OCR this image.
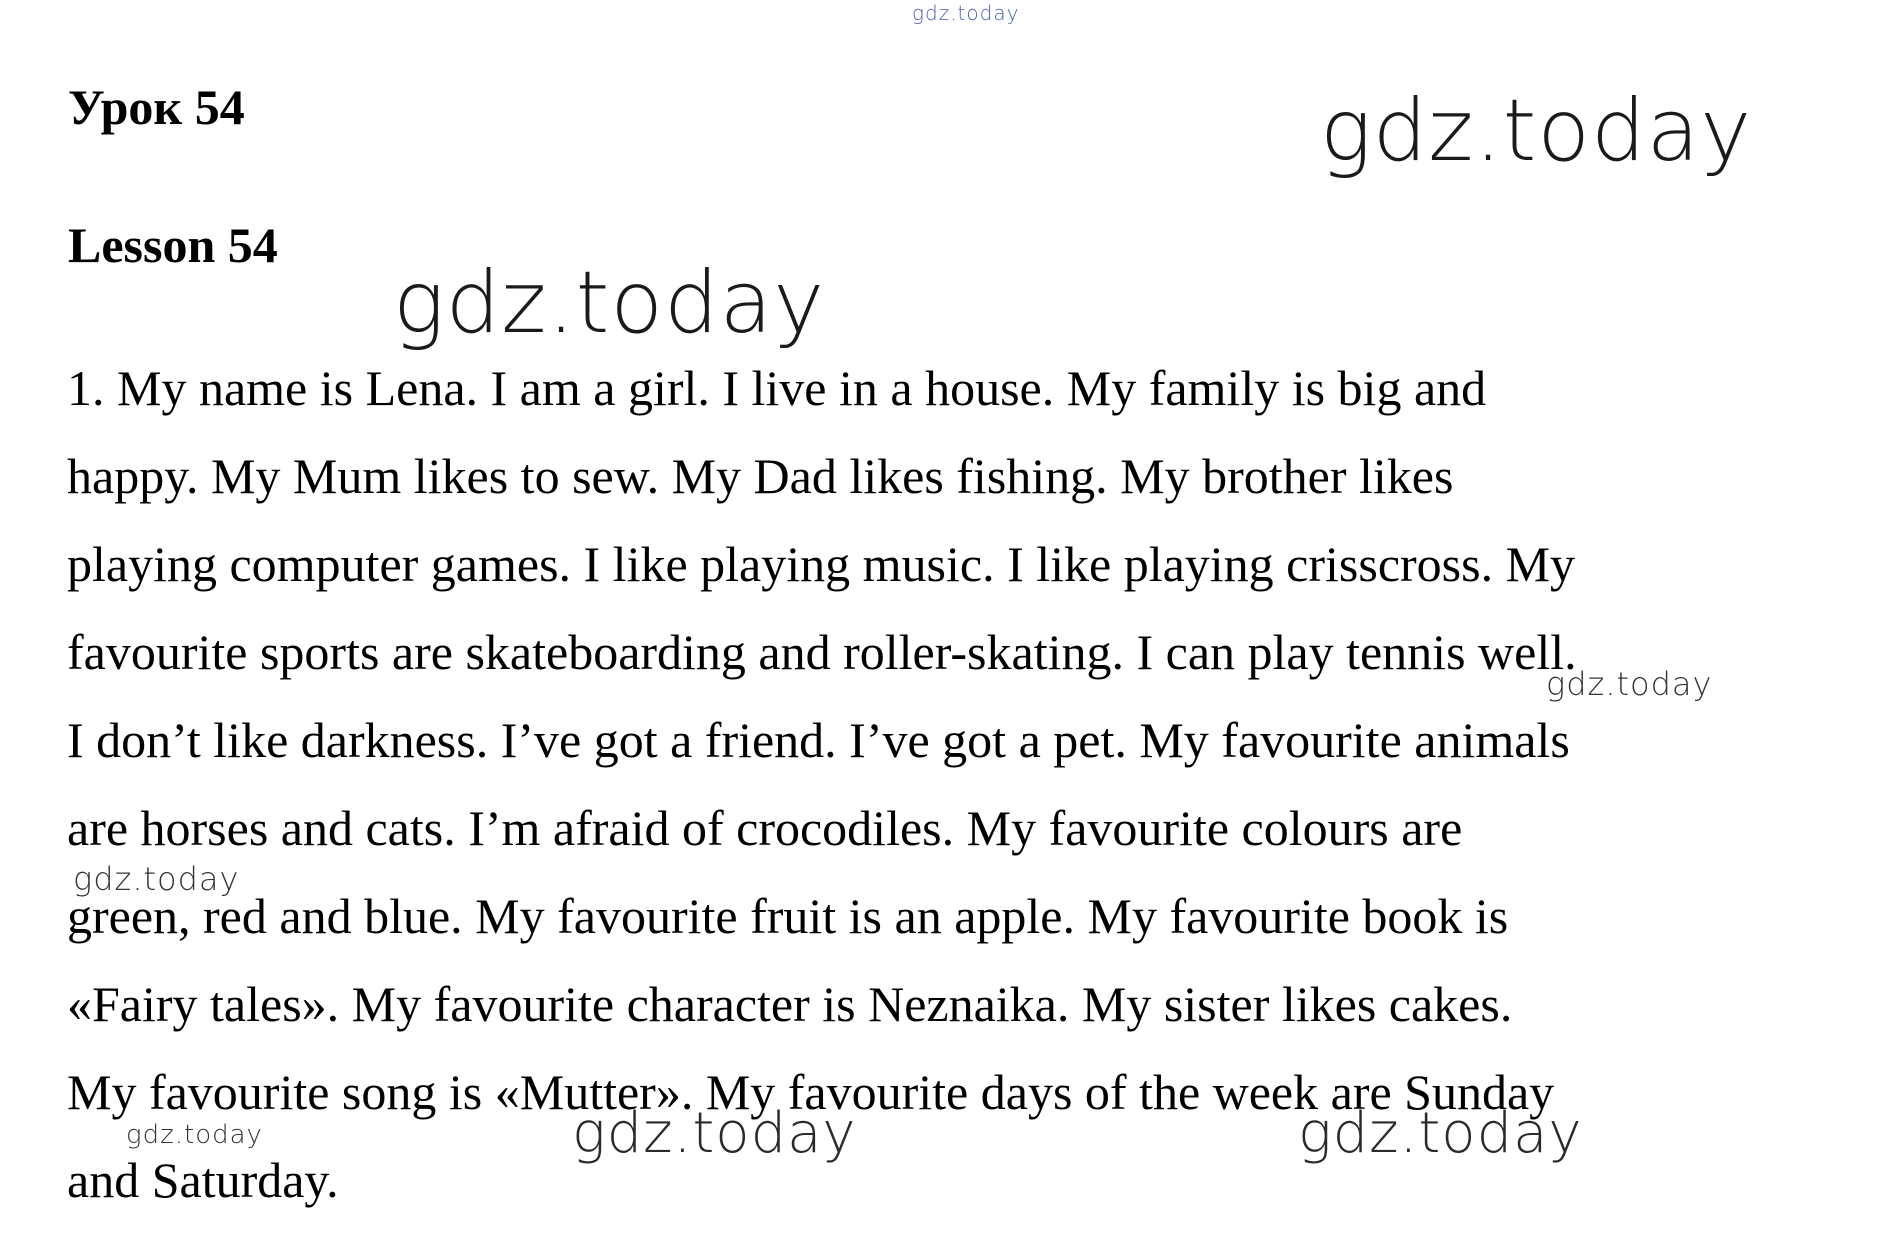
gdz.today
gdz.today
Урок 54
Lesson 54
gdz.today
1. My name is Lena. I am a girl. I live in a house. My family is big and
happy. My Mum likes to sew. My Dad likes fishing. My brother likes
playing computer games. I like playing music. I like playing crisscross. My
favourite sports are skateboarding and roller-skating. I can play tennis well.
I don’t like darkness. I’ve got a friend. I’ve got a pet. My favourite animals
are horses and cats. I’m afraid of crocodiles. My favourite colours are
green, red and blue. My favourite fruit is an apple. My favourite book is
«Fairy tales». My favourite character is Neznaika. My sister likes cakes.
My favourite song is «Mutter». My favourite days of the week are Sunday
and Saturday.
gdz.today
gdz.today
gdz.today	gdz.today	gdz.today
